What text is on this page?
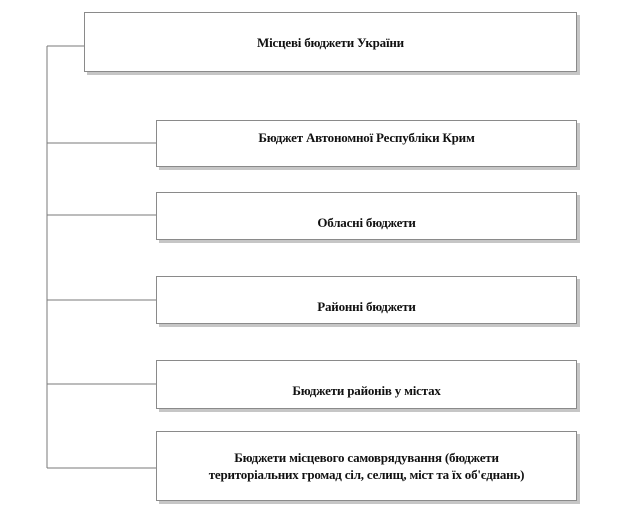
Місцеві бюджети України
Бюджет Автономної Республіки Крим
Обласні бюджети
Районні бюджети
Бюджети районів у містах
Бюджети місцевого самоврядування (бюджети територіальних громад сіл, селищ, міст та їх об'єднань)
